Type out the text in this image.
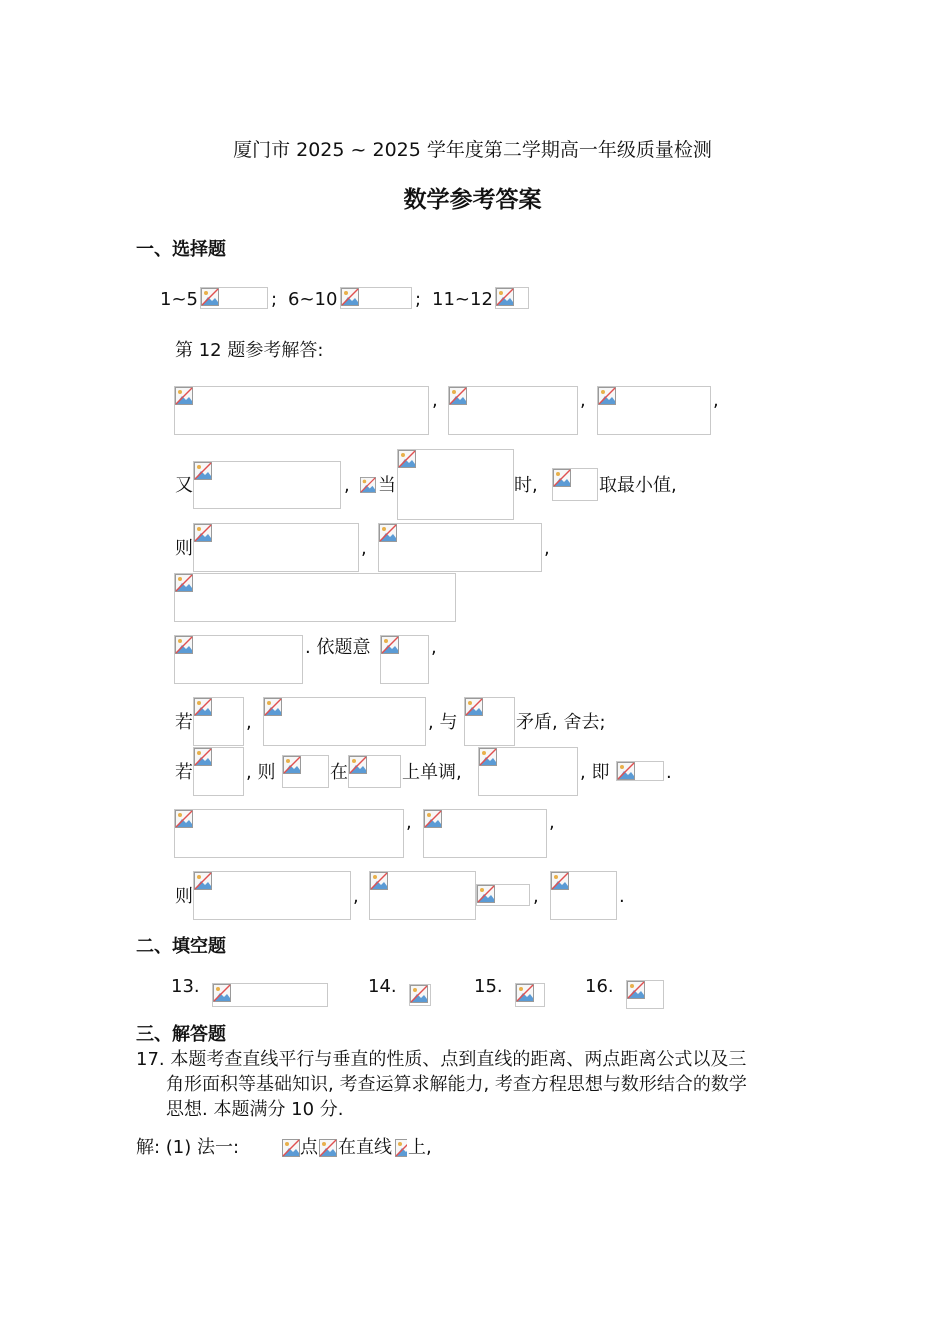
厦门市 2025 ~ 2025 学年度第二学期高一年级质量检测
数学参考答案
一、选择题
1~5	; 6~10	; 11~12
第 12 题参考解答:
,	,	,
又	, 当	时,	取最小值,
则	,	,
. 依题意	,
若	,	, 与	矛盾, 舍去;
若	, 则	在	上单调,	, 即	.
,	,
则	,	,	.
二、填空题
13.	14.	15.	16.
三、解答题
17. 本题考查直线平行与垂直的性质、点到直线的距离、两点距离公式以及三
角形面积等基础知识, 考查运算求解能力, 考查方程思想与数形结合的数学
思想. 本题满分 10 分.
解: (1) 法一:	点 在直线 上,
